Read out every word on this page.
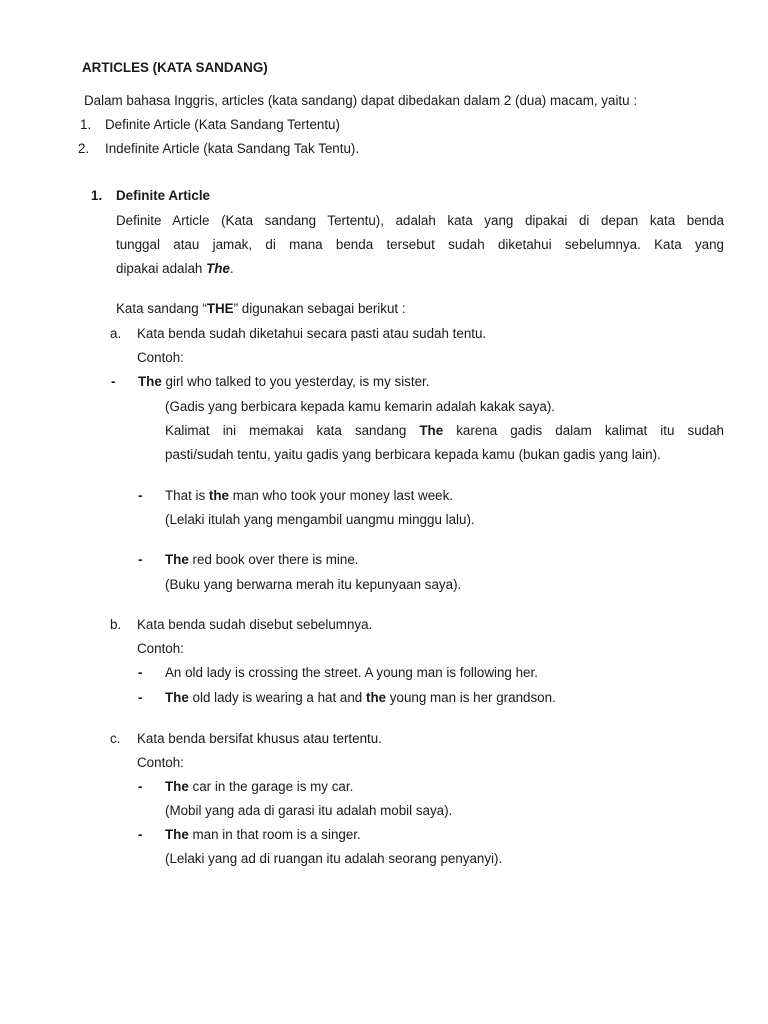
ARTICLES (KATA SANDANG)
Dalam bahasa Inggris, articles (kata sandang) dapat dibedakan dalam 2 (dua) macam, yaitu :
1. Definite Article (Kata Sandang Tertentu)
2. Indefinite Article (kata Sandang Tak Tentu).
1. Definite Article
Definite Article (Kata sandang Tertentu), adalah kata yang dipakai di depan kata benda
tunggal atau jamak, di mana benda tersebut sudah diketahui sebelumnya. Kata yang
dipakai adalah The.
Kata sandang “THE” digunakan sebagai berikut :
a. Kata benda sudah diketahui secara pasti atau sudah tentu.
Contoh:
- The girl who talked to you yesterday, is my sister.
(Gadis yang berbicara kepada kamu kemarin adalah kakak saya).
Kalimat ini memakai kata sandang The karena gadis dalam kalimat itu sudah
pasti/sudah tentu, yaitu gadis yang berbicara kepada kamu (bukan gadis yang lain).
- That is the man who took your money last week.
(Lelaki itulah yang mengambil uangmu minggu lalu).
- The red book over there is mine.
(Buku yang berwarna merah itu kepunyaan saya).
b. Kata benda sudah disebut sebelumnya.
Contoh:
- An old lady is crossing the street. A young man is following her.
- The old lady is wearing a hat and the young man is her grandson.
c. Kata benda bersifat khusus atau tertentu.
Contoh:
- The car in the garage is my car.
(Mobil yang ada di garasi itu adalah mobil saya).
- The man in that room is a singer.
(Lelaki yang ad di ruangan itu adalah seorang penyanyi).
